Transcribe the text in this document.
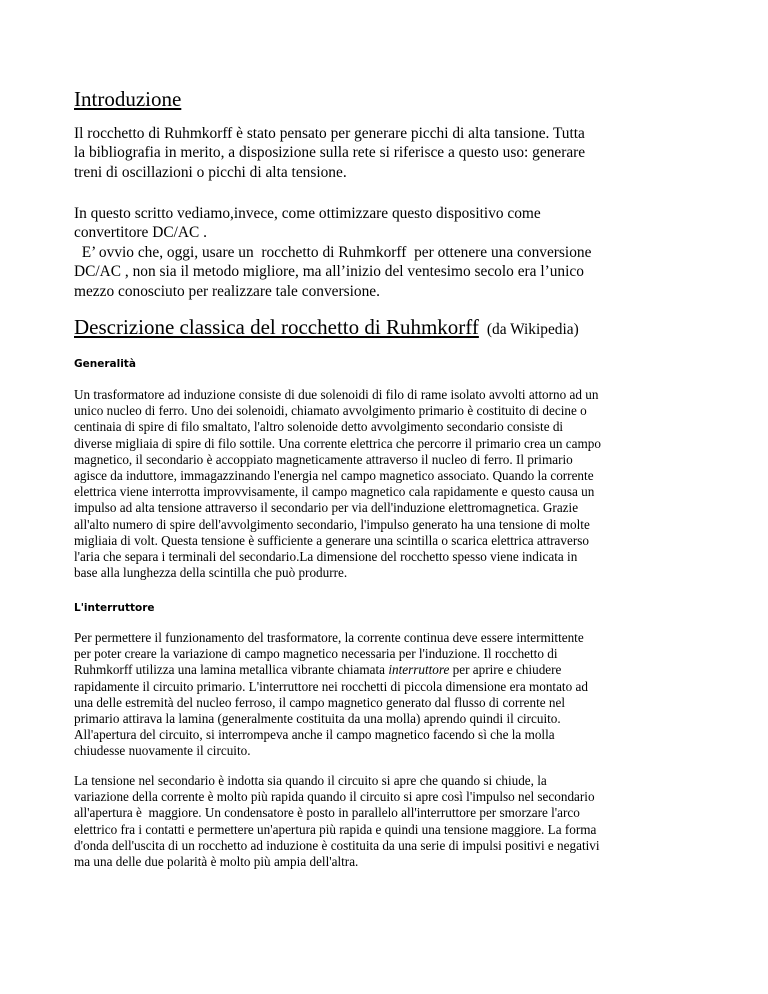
Introduzione
Il rocchetto di Ruhmkorff è stato pensato per generare picchi di alta tansione. Tutta
la bibliografia in merito, a disposizione sulla rete si riferisce a questo uso: generare
treni di oscillazioni o picchi di alta tensione.
In questo scritto vediamo,invece, come ottimizzare questo dispositivo come
convertitore DC/AC .
E’ ovvio che, oggi, usare un  rocchetto di Ruhmkorff  per ottenere una conversione
DC/AC , non sia il metodo migliore, ma all’inizio del ventesimo secolo era l’unico
mezzo conosciuto per realizzare tale conversione.
Descrizione classica del rocchetto di Ruhmkorff (da Wikipedia)
Generalità
Un trasformatore ad induzione consiste di due solenoidi di filo di rame isolato avvolti attorno ad un
unico nucleo di ferro. Uno dei solenoidi, chiamato avvolgimento primario è costituito di decine o
centinaia di spire di filo smaltato, l'altro solenoide detto avvolgimento secondario consiste di
diverse migliaia di spire di filo sottile. Una corrente elettrica che percorre il primario crea un campo
magnetico, il secondario è accoppiato magneticamente attraverso il nucleo di ferro. Il primario
agisce da induttore, immagazzinando l'energia nel campo magnetico associato. Quando la corrente
elettrica viene interrotta improvvisamente, il campo magnetico cala rapidamente e questo causa un
impulso ad alta tensione attraverso il secondario per via dell'induzione elettromagnetica. Grazie
all'alto numero di spire dell'avvolgimento secondario, l'impulso generato ha una tensione di molte
migliaia di volt. Questa tensione è sufficiente a generare una scintilla o scarica elettrica attraverso
l'aria che separa i terminali del secondario.La dimensione del rocchetto spesso viene indicata in
base alla lunghezza della scintilla che può produrre.
L'interruttore
Per permettere il funzionamento del trasformatore, la corrente continua deve essere intermittente
per poter creare la variazione di campo magnetico necessaria per l'induzione. Il rocchetto di
Ruhmkorff utilizza una lamina metallica vibrante chiamata interruttore per aprire e chiudere
rapidamente il circuito primario. L'interruttore nei rocchetti di piccola dimensione era montato ad
una delle estremità del nucleo ferroso, il campo magnetico generato dal flusso di corrente nel
primario attirava la lamina (generalmente costituita da una molla) aprendo quindi il circuito.
All'apertura del circuito, si interrompeva anche il campo magnetico facendo sì che la molla
chiudesse nuovamente il circuito.
La tensione nel secondario è indotta sia quando il circuito si apre che quando si chiude, la
variazione della corrente è molto più rapida quando il circuito si apre così l'impulso nel secondario
all'apertura è  maggiore. Un condensatore è posto in parallelo all'interruttore per smorzare l'arco
elettrico fra i contatti e permettere un'apertura più rapida e quindi una tensione maggiore. La forma
d'onda dell'uscita di un rocchetto ad induzione è costituita da una serie di impulsi positivi e negativi
ma una delle due polarità è molto più ampia dell'altra.
